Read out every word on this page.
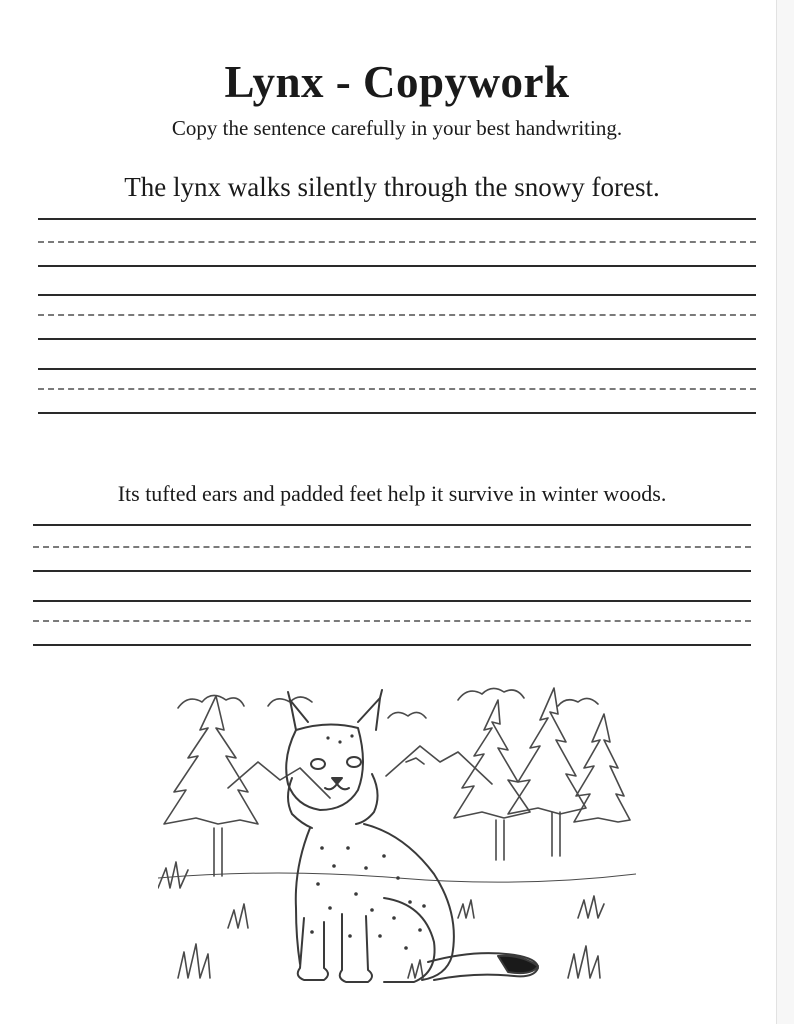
Lynx - Copywork

Copy the sentence carefully in your best handwriting.

The lynx walks silently through the snowy forest.

Its tufted ears and padded feet help it survive in winter woods.
